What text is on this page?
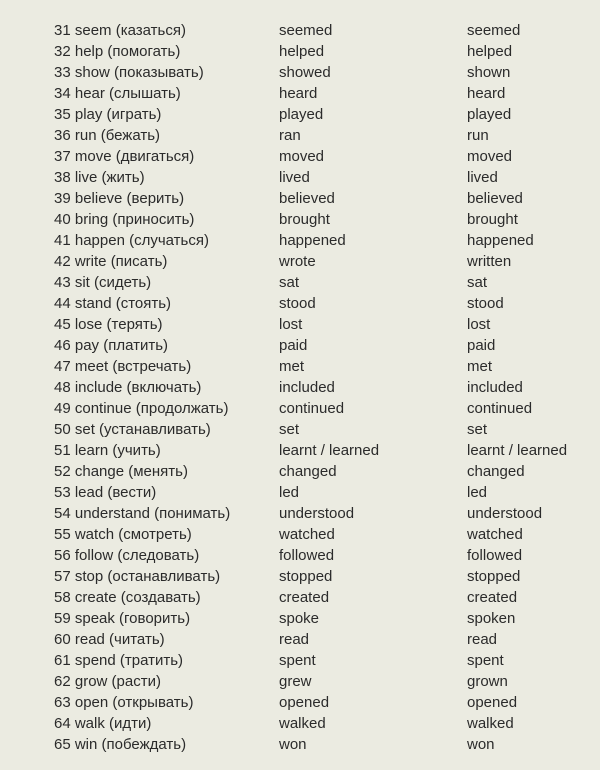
31 seem (казаться)	seemed	seemed
32 help (помогать)	helped	helped
33 show (показывать)	showed	shown
34 hear (слышать)	heard	heard
35 play (играть)	played	played
36 run (бежать)	ran	run
37 move (двигаться)	moved	moved
38 live (жить)	lived	lived
39 believe (верить)	believed	believed
40 bring (приносить)	brought	brought
41 happen (случаться)	happened	happened
42 write (писать)	wrote	written
43 sit (сидеть)	sat	sat
44 stand (стоять)	stood	stood
45 lose (терять)	lost	lost
46 pay (платить)	paid	paid
47 meet (встречать)	met	met
48 include (включать)	included	included
49 continue (продолжать)	continued	continued
50 set (устанавливать)	set	set
51 learn (учить)	learnt / learned	learnt / learned
52 change (менять)	changed	changed
53 lead (вести)	led	led
54 understand (понимать)	understood	understood
55 watch (смотреть)	watched	watched
56 follow (следовать)	followed	followed
57 stop (останавливать)	stopped	stopped
58 create (создавать)	created	created
59 speak (говорить)	spoke	spoken
60 read (читать)	read	read
61 spend (тратить)	spent	spent
62 grow (расти)	grew	grown
63 open (открывать)	opened	opened
64 walk (идти)	walked	walked
65 win (побеждать)	won	won
